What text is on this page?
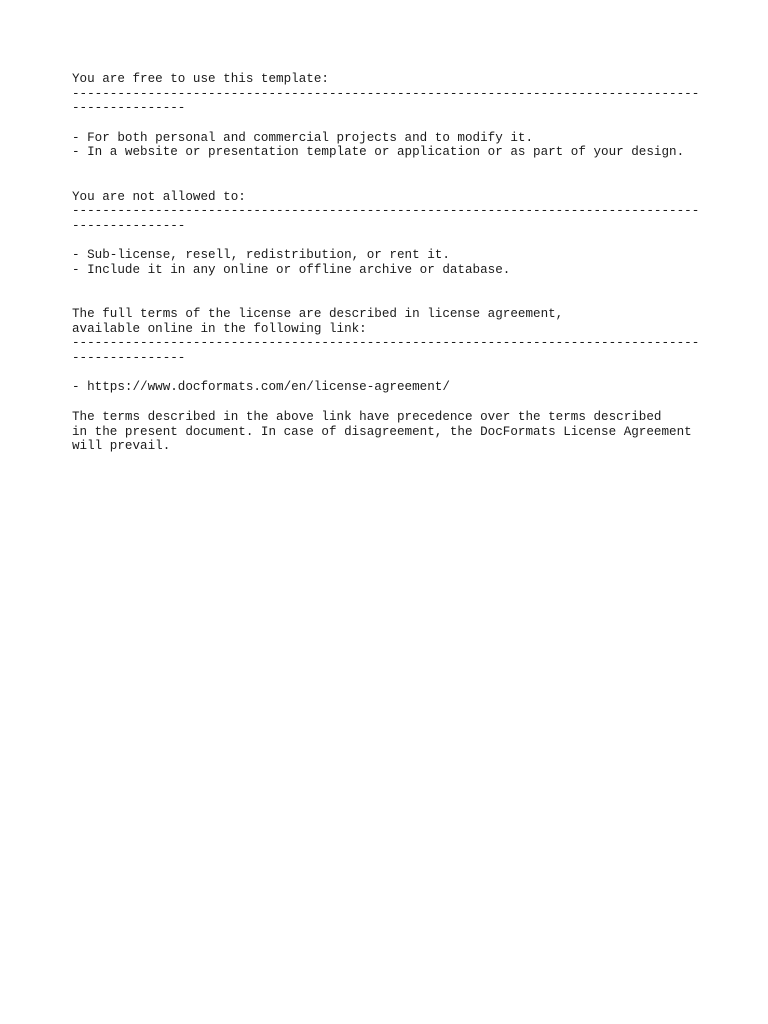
You are free to use this template:
-----------------------------------------------------------------------------------
---------------
- For both personal and commercial projects and to modify it.
- In a website or presentation template or application or as part of your design.
You are not allowed to:
-----------------------------------------------------------------------------------
---------------
- Sub-license, resell, redistribution, or rent it.
- Include it in any online or offline archive or database.
The full terms of the license are described in license agreement,
available online in the following link:
-----------------------------------------------------------------------------------
---------------
- https://www.docformats.com/en/license-agreement/
The terms described in the above link have precedence over the terms described
in the present document. In case of disagreement, the DocFormats License Agreement
will prevail.
